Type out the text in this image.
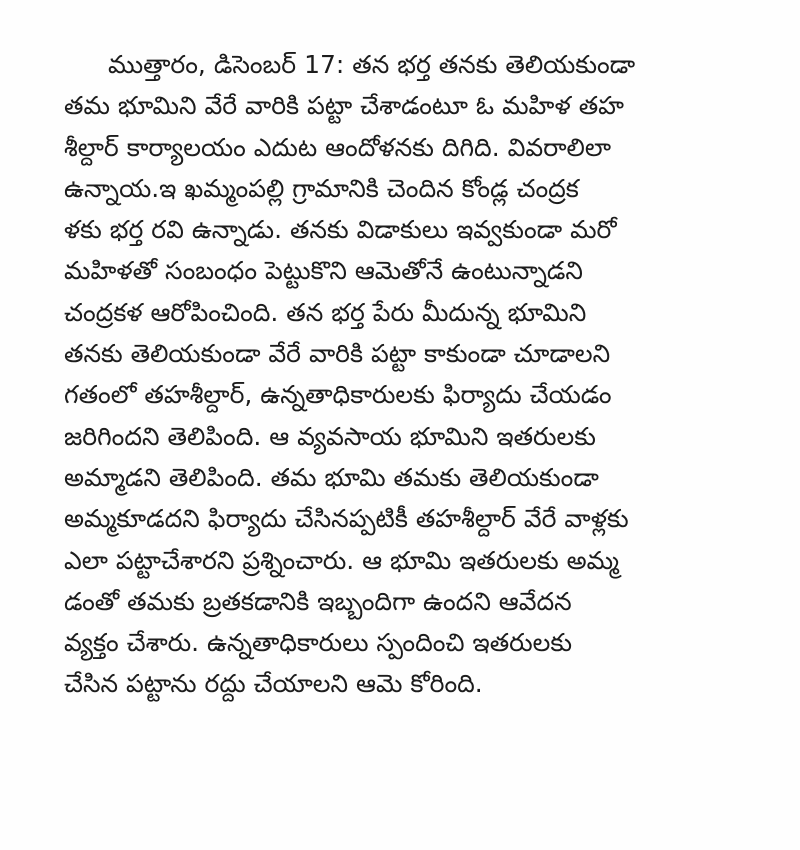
ముత్తారం, డిసెంబర్ 17: తన భర్త తనకు తెలియకుండా
తమ భూమిని వేరే వారికి పట్టా చేశాడంటూ ఓ మహిళ తహ
శీల్దార్ కార్యాలయం ఎదుట ఆందోళనకు దిగిది. వివరాలిలా
ఉన్నాయ.ఇ ఖమ్మంపల్లి గ్రామానికి చెందిన కోండ్ల చంద్రక
ళకు భర్త రవి ఉన్నాడు. తనకు విడాకులు ఇవ్వకుండా మరో
మహిళతో సంబంధం పెట్టుకొని ఆమెతోనే ఉంటున్నాడని
చంద్రకళ ఆరోపించింది. తన భర్త పేరు మీదున్న భూమిని
తనకు తెలియకుండా వేరే వారికి పట్టా కాకుండా చూడాలని
గతంలో తహశీల్దార్, ఉన్నతాధికారులకు ఫిర్యాదు చేయడం
జరిగిందని తెలిపింది. ఆ వ్యవసాయ భూమిని ఇతరులకు
అమ్మాడని తెలిపింది. తమ భూమి తమకు తెలియకుండా
అమ్మకూడదని ఫిర్యాదు చేసినప్పటికీ తహశీల్దార్ వేరే వాళ్లకు
ఎలా పట్టాచేశారని ప్రశ్నించారు. ఆ భూమి ఇతరులకు అమ్మ
డంతో తమకు బ్రతకడానికి ఇబ్బందిగా ఉందని ఆవేదన
వ్యక్తం చేశారు. ఉన్నతాధికారులు స్పందించి ఇతరులకు
చేసిన పట్టాను రద్దు చేయాలని ఆమె కోరింది.
